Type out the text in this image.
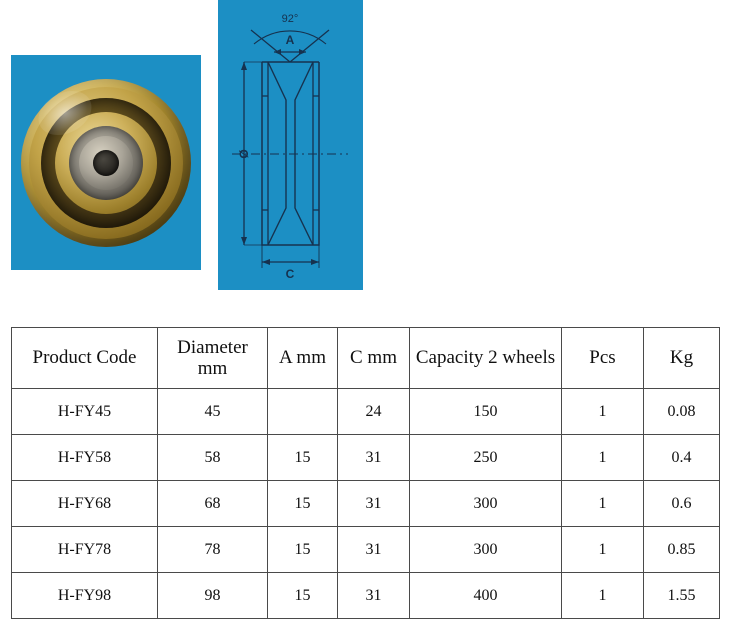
92°
A
C
Ø
Product Code	Diameter mm	A mm	C mm	Capacity 2 wheels	Pcs	Kg
H-FY45	45		24	150	1	0.08
H-FY58	58	15	31	250	1	0.4
H-FY68	68	15	31	300	1	0.6
H-FY78	78	15	31	300	1	0.85
H-FY98	98	15	31	400	1	1.55
